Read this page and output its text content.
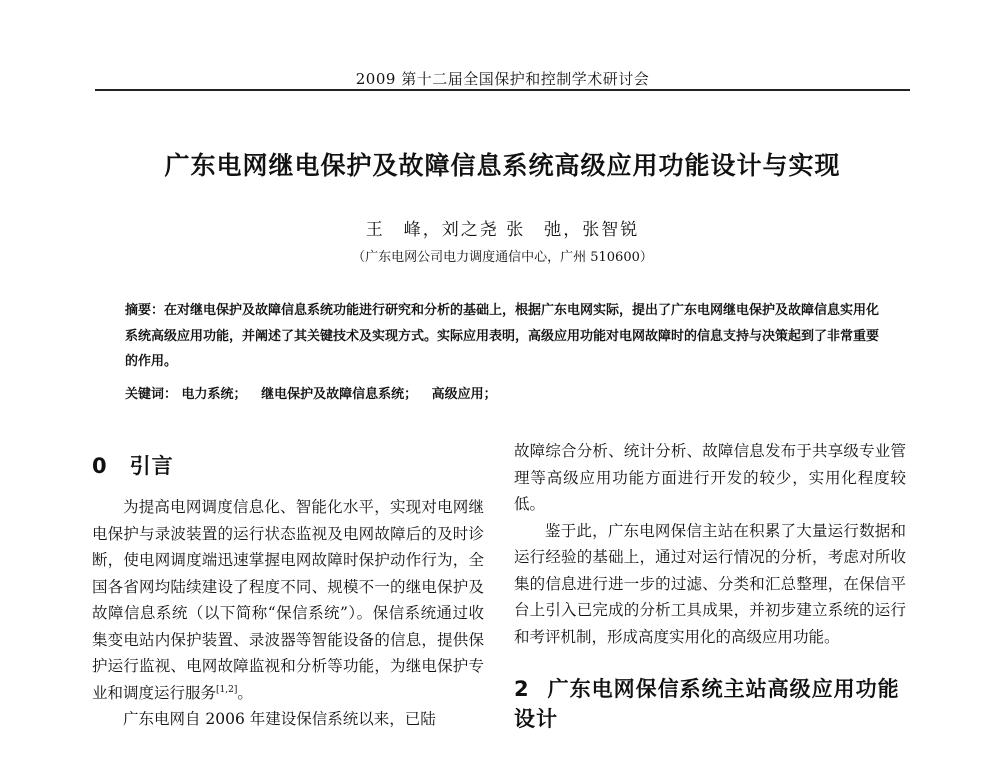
2009 第十二届全国保护和控制学术研讨会
广东电网继电保护及故障信息系统高级应用功能设计与实现
王　峰，刘之尧 张　弛，张智锐
（广东电网公司电力调度通信中心，广州 510600）
摘要：在对继电保护及故障信息系统功能进行研究和分析的基础上，根据广东电网实际，提出了广东电网继电保护及故障信息实用化系统高级应用功能，并阐述了其关键技术及实现方式。实际应用表明，高级应用功能对电网故障时的信息支持与决策起到了非常重要的作用。
关键词： 电力系统； 继电保护及故障信息系统； 高级应用；
0 引言

为提高电网调度信息化、智能化水平，实现对电网继电保护与录波装置的运行状态监视及电网故障后的及时诊断，使电网调度端迅速掌握电网故障时保护动作行为，全国各省网均陆续建设了程度不同、规模不一的继电保护及故障信息系统（以下简称“保信系统”）。保信系统通过收集变电站内保护装置、录波器等智能设备的信息，提供保护运行监视、电网故障监视和分析等功能，为继电保护专业和调度运行服务[1,2]。

广东电网自 2006 年建设保信系统以来，已陆

故障综合分析、统计分析、故障信息发布于共享级专业管理等高级应用功能方面进行开发的较少，实用化程度较低。

鉴于此，广东电网保信主站在积累了大量运行数据和运行经验的基础上，通过对运行情况的分析，考虑对所收集的信息进行进一步的过滤、分类和汇总整理，在保信平台上引入已完成的分析工具成果，并初步建立系统的运行和考评机制，形成高度实用化的高级应用功能。

2 广东电网保信系统主站高级应用功能设计
